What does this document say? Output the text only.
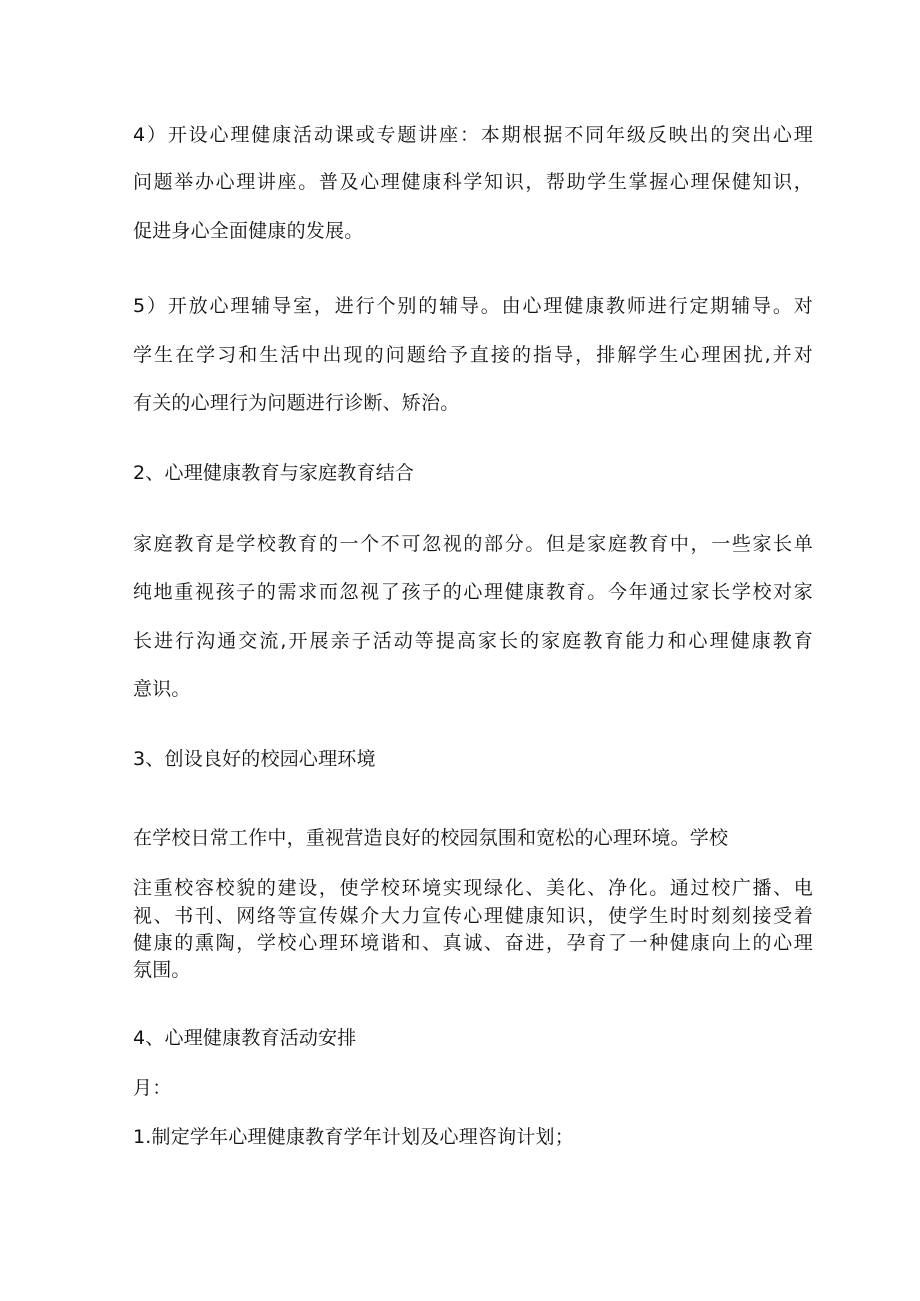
4）开设心理健康活动课或专题讲座：本期根据不同年级反映出的突出心理
问题举办心理讲座。普及心理健康科学知识，帮助学生掌握心理保健知识，
促进身心全面健康的发展。
5）开放心理辅导室，进行个别的辅导。由心理健康教师进行定期辅导。对
学生在学习和生活中出现的问题给予直接的指导，排解学生心理困扰,并对
有关的心理行为问题进行诊断、矫治。
2、心理健康教育与家庭教育结合
家庭教育是学校教育的一个不可忽视的部分。但是家庭教育中，一些家长单
纯地重视孩子的需求而忽视了孩子的心理健康教育。今年通过家长学校对家
长进行沟通交流,开展亲子活动等提高家长的家庭教育能力和心理健康教育
意识。
3、创设良好的校园心理环境
在学校日常工作中，重视营造良好的校园氛围和宽松的心理环境。学校
注重校容校貌的建设，使学校环境实现绿化、美化、净化。通过校广播、电
视、书刊、网络等宣传媒介大力宣传心理健康知识，使学生时时刻刻接受着
健康的熏陶，学校心理环境谐和、真诚、奋进，孕育了一种健康向上的心理
氛围。
4、心理健康教育活动安排
月：
1.制定学年心理健康教育学年计划及心理咨询计划；
